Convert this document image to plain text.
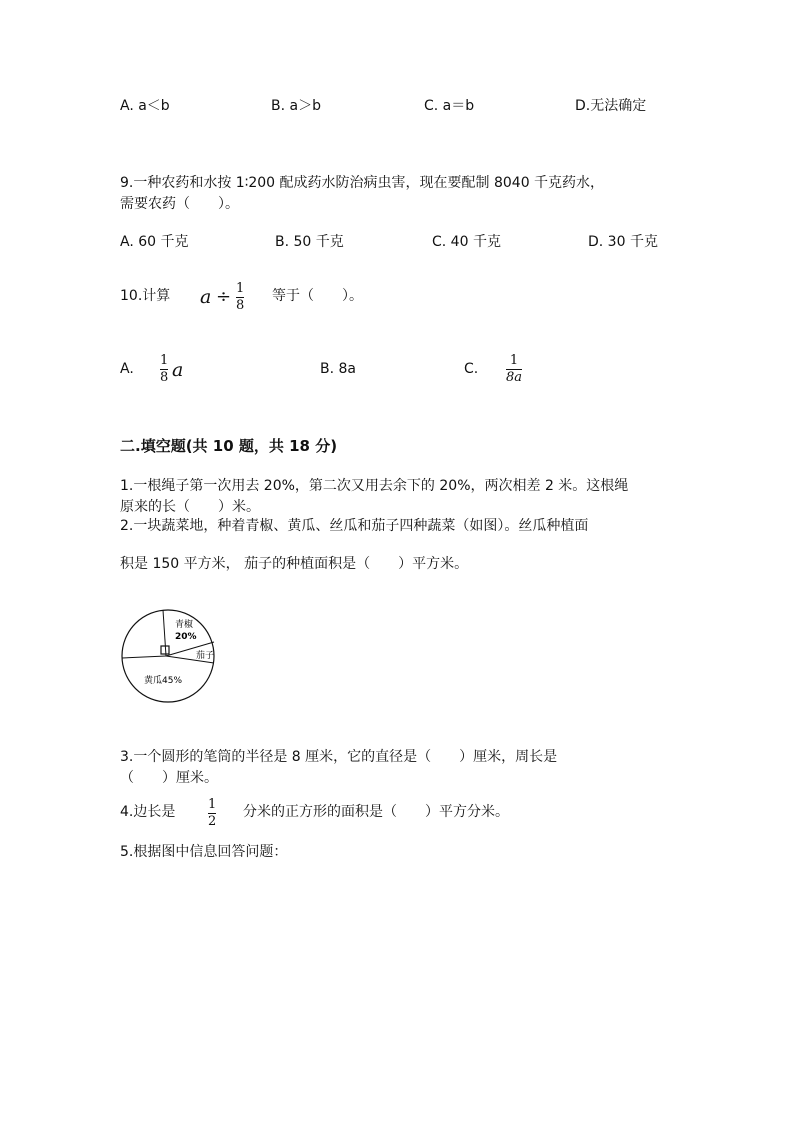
A. a＜b	B. a＞b	C. a＝b	D.无法确定
9.一种农药和水按 1∶200 配成药水防治病虫害，现在要配制 8040 千克药水，
需要农药（　　）。
A. 60 千克	B. 50 千克	C. 40 千克	D. 30 千克
10.计算 a ÷ 1
8
等于（　　）。
A.
1
8 a	B. 8a	C.
1
8a
二.填空题(共 10 题，共 18 分)
1.一根绳子第一次用去 20%，第二次又用去余下的 20%，两次相差 2 米。这根绳
原来的长（　　）米。
2.一块蔬菜地，种着青椒、黄瓜、丝瓜和茄子四种蔬菜（如图）。丝瓜种植面
积是 150 平方米， 茄子的种植面积是（　　）平方米。
青椒
20%
茄子
黄瓜45%
3.一个圆形的笔筒的半径是 8 厘米，它的直径是（　　）厘米，周长是
（　　）厘米。
4.边长是	1
2
分米的正方形的面积是（　　）平方分米。
5.根据图中信息回答问题：
